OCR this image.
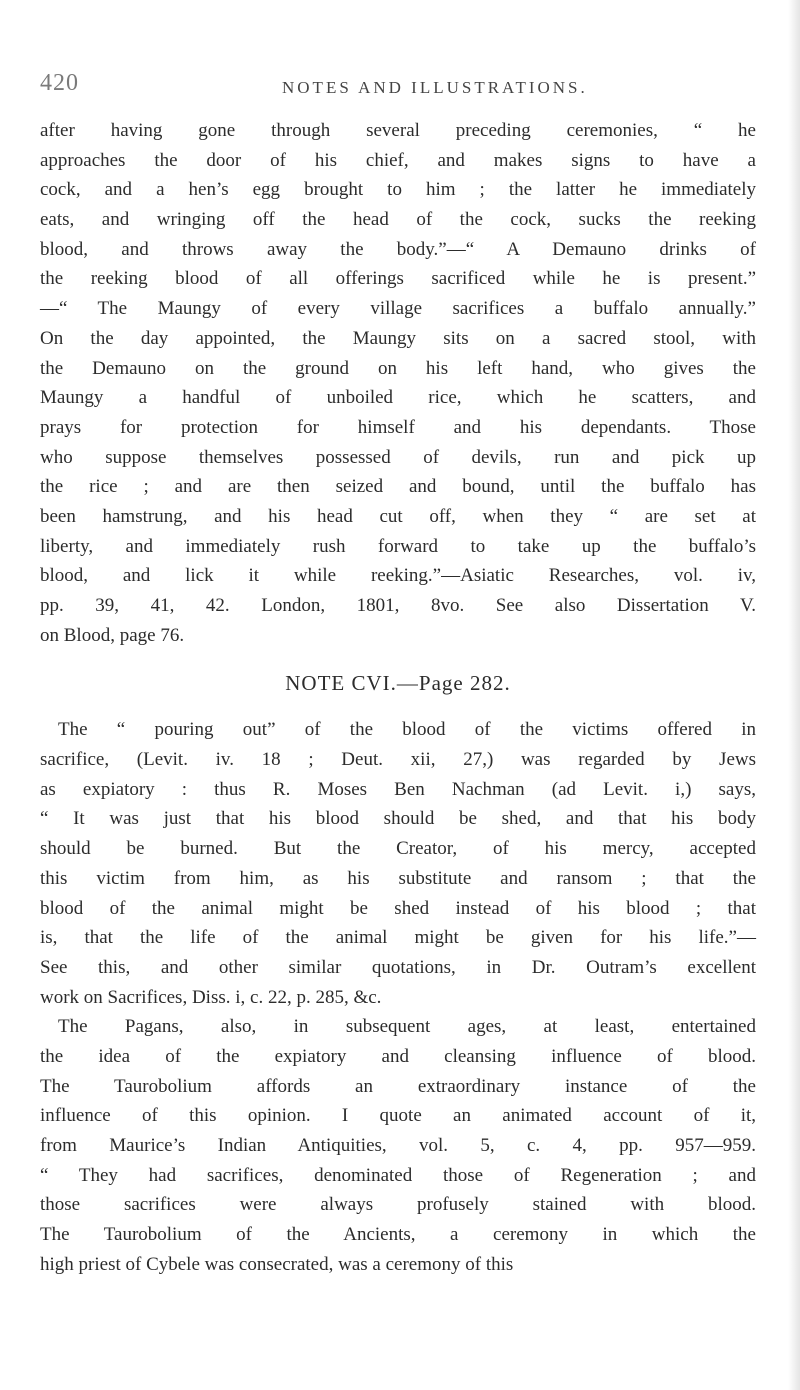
420	NOTES AND ILLUSTRATIONS.
after having gone through several preceding ceremonies, “ he
approaches the door of his chief, and makes signs to have a
cock, and a hen’s egg brought to him ; the latter he immediately
eats, and wringing off the head of the cock, sucks the reeking
blood, and throws away the body.”—“ A Demauno drinks of
the reeking blood of all offerings sacrificed while he is present.”
—“ The Maungy of every village sacrifices a buffalo annually.”
On the day appointed, the Maungy sits on a sacred stool, with
the Demauno on the ground on his left hand, who gives the
Maungy a handful of unboiled rice, which he scatters, and
prays for protection for himself and his dependants. Those
who suppose themselves possessed of devils, run and pick up
the rice ; and are then seized and bound, until the buffalo has
been hamstrung, and his head cut off, when they “ are set at
liberty, and immediately rush forward to take up the buffalo’s
blood, and lick it while reeking.”—Asiatic Researches, vol. iv,
pp. 39, 41, 42. London, 1801, 8vo. See also Dissertation V.
on Blood, page 76.
NOTE CVI.—Page 282.
The “ pouring out” of the blood of the victims offered in
sacrifice, (Levit. iv. 18 ; Deut. xii, 27,) was regarded by Jews
as expiatory : thus R. Moses Ben Nachman (ad Levit. i,) says,
“ It was just that his blood should be shed, and that his body
should be burned. But the Creator, of his mercy, accepted
this victim from him, as his substitute and ransom ; that the
blood of the animal might be shed instead of his blood ; that
is, that the life of the animal might be given for his life.”—
See this, and other similar quotations, in Dr. Outram’s excellent
work on Sacrifices, Diss. i, c. 22, p. 285, &c.
The Pagans, also, in subsequent ages, at least, entertained
the idea of the expiatory and cleansing influence of blood.
The Taurobolium affords an extraordinary instance of the
influence of this opinion. I quote an animated account of it,
from Maurice’s Indian Antiquities, vol. 5, c. 4, pp. 957—959.
“ They had sacrifices, denominated those of Regeneration ; and
those sacrifices were always profusely stained with blood.
The Taurobolium of the Ancients, a ceremony in which the
high priest of Cybele was consecrated, was a ceremony of this
